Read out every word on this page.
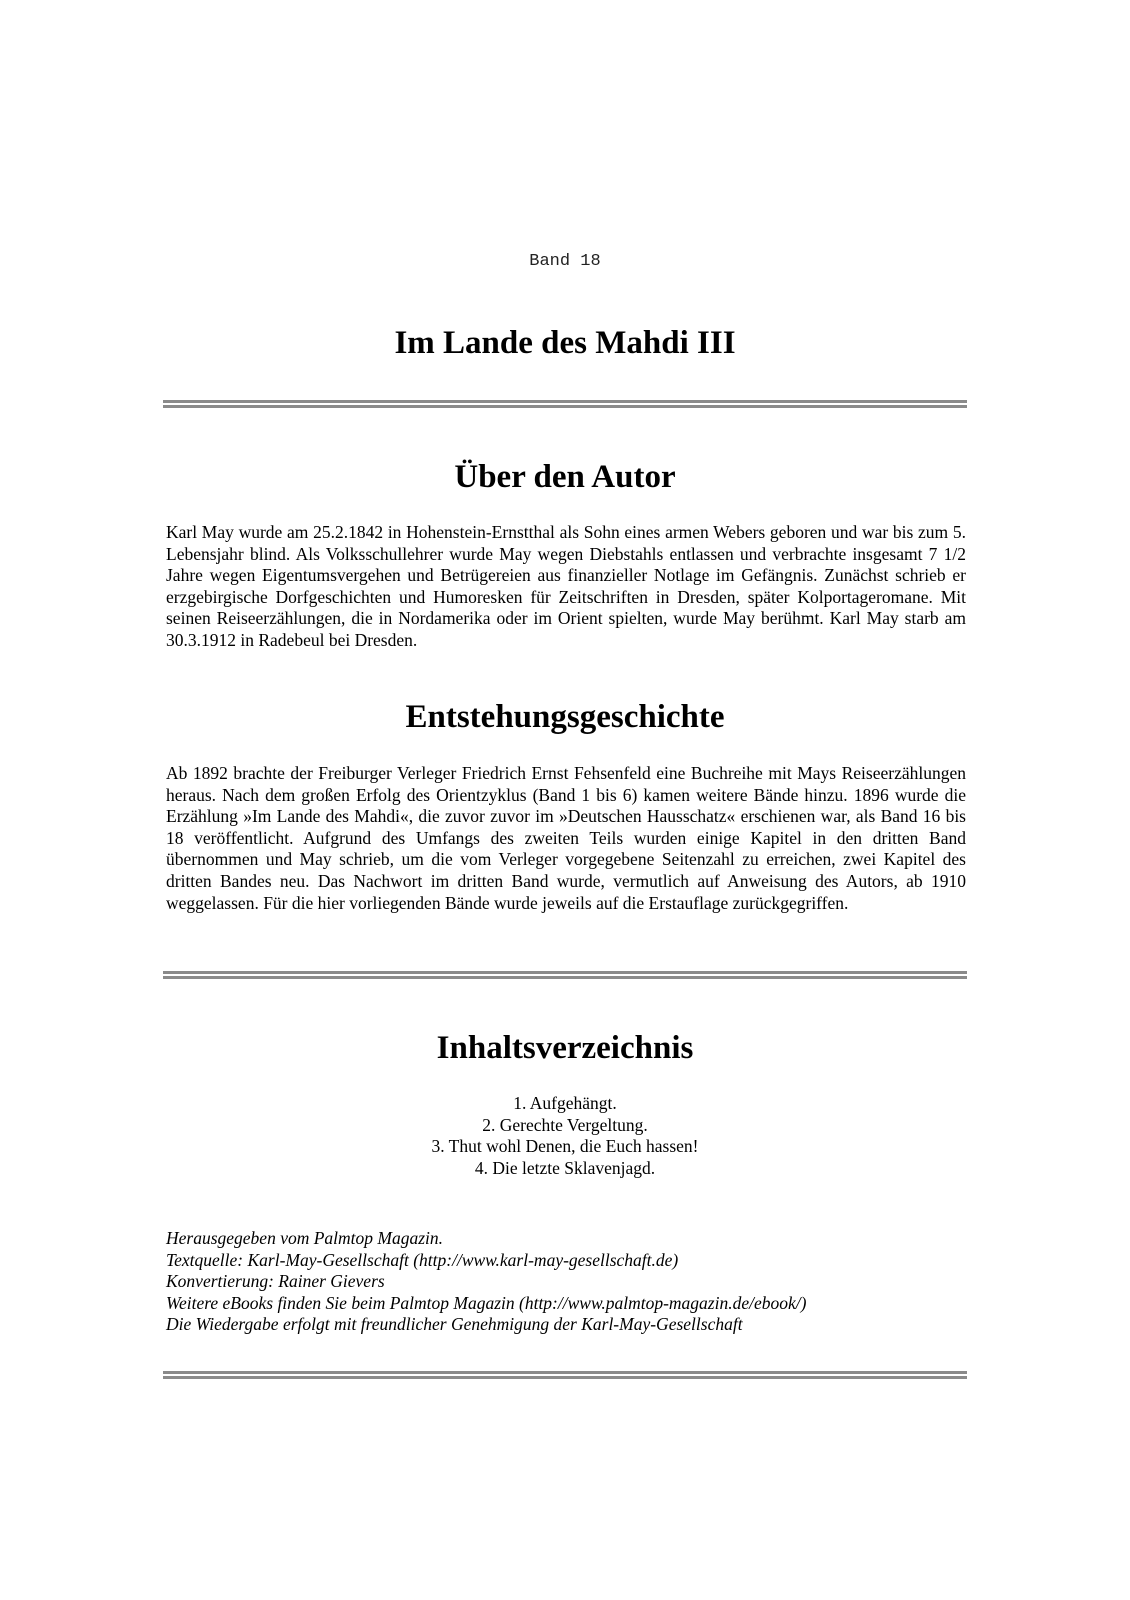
Band 18
Im Lande des Mahdi III
Über den Autor

Karl May wurde am 25.2.1842 in Hohenstein-Ernstthal als Sohn eines armen Webers geboren und war bis zum 5. Lebensjahr blind. Als Volksschullehrer wurde May wegen Diebstahls entlassen und verbrachte insgesamt 7 1/2 Jahre wegen Eigentumsvergehen und Betrügereien aus finanzieller Notlage im Gefängnis. Zunächst schrieb er erzgebirgische Dorfgeschichten und Humoresken für Zeitschriften in Dresden, später Kolportageromane. Mit seinen Reiseerzählungen, die in Nordamerika oder im Orient spielten, wurde May berühmt. Karl May starb am 30.3.1912 in Radebeul bei Dresden.

Entstehungsgeschichte

Ab 1892 brachte der Freiburger Verleger Friedrich Ernst Fehsenfeld eine Buchreihe mit Mays Reiseerzählungen heraus. Nach dem großen Erfolg des Orientzyklus (Band 1 bis 6) kamen weitere Bände hinzu. 1896 wurde die Erzählung »Im Lande des Mahdi«, die zuvor zuvor im »Deutschen Hausschatz« erschienen war, als Band 16 bis 18 veröffentlicht. Aufgrund des Umfangs des zweiten Teils wurden einige Kapitel in den dritten Band übernommen und May schrieb, um die vom Verleger vorgegebene Seitenzahl zu erreichen, zwei Kapitel des dritten Bandes neu. Das Nachwort im dritten Band wurde, vermutlich auf Anweisung des Autors, ab 1910 weggelassen. Für die hier vorliegenden Bände wurde jeweils auf die Erstauflage zurückgegriffen.

Inhaltsverzeichnis
1. Aufgehängt.
2. Gerechte Vergeltung.
3. Thut wohl Denen, die Euch hassen!
4. Die letzte Sklavenjagd.
Herausgegeben vom Palmtop Magazin.
Textquelle: Karl-May-Gesellschaft (http://www.karl-may-gesellschaft.de)
Konvertierung: Rainer Gievers
Weitere eBooks finden Sie beim Palmtop Magazin (http://www.palmtop-magazin.de/ebook/)
Die Wiedergabe erfolgt mit freundlicher Genehmigung der Karl-May-Gesellschaft
